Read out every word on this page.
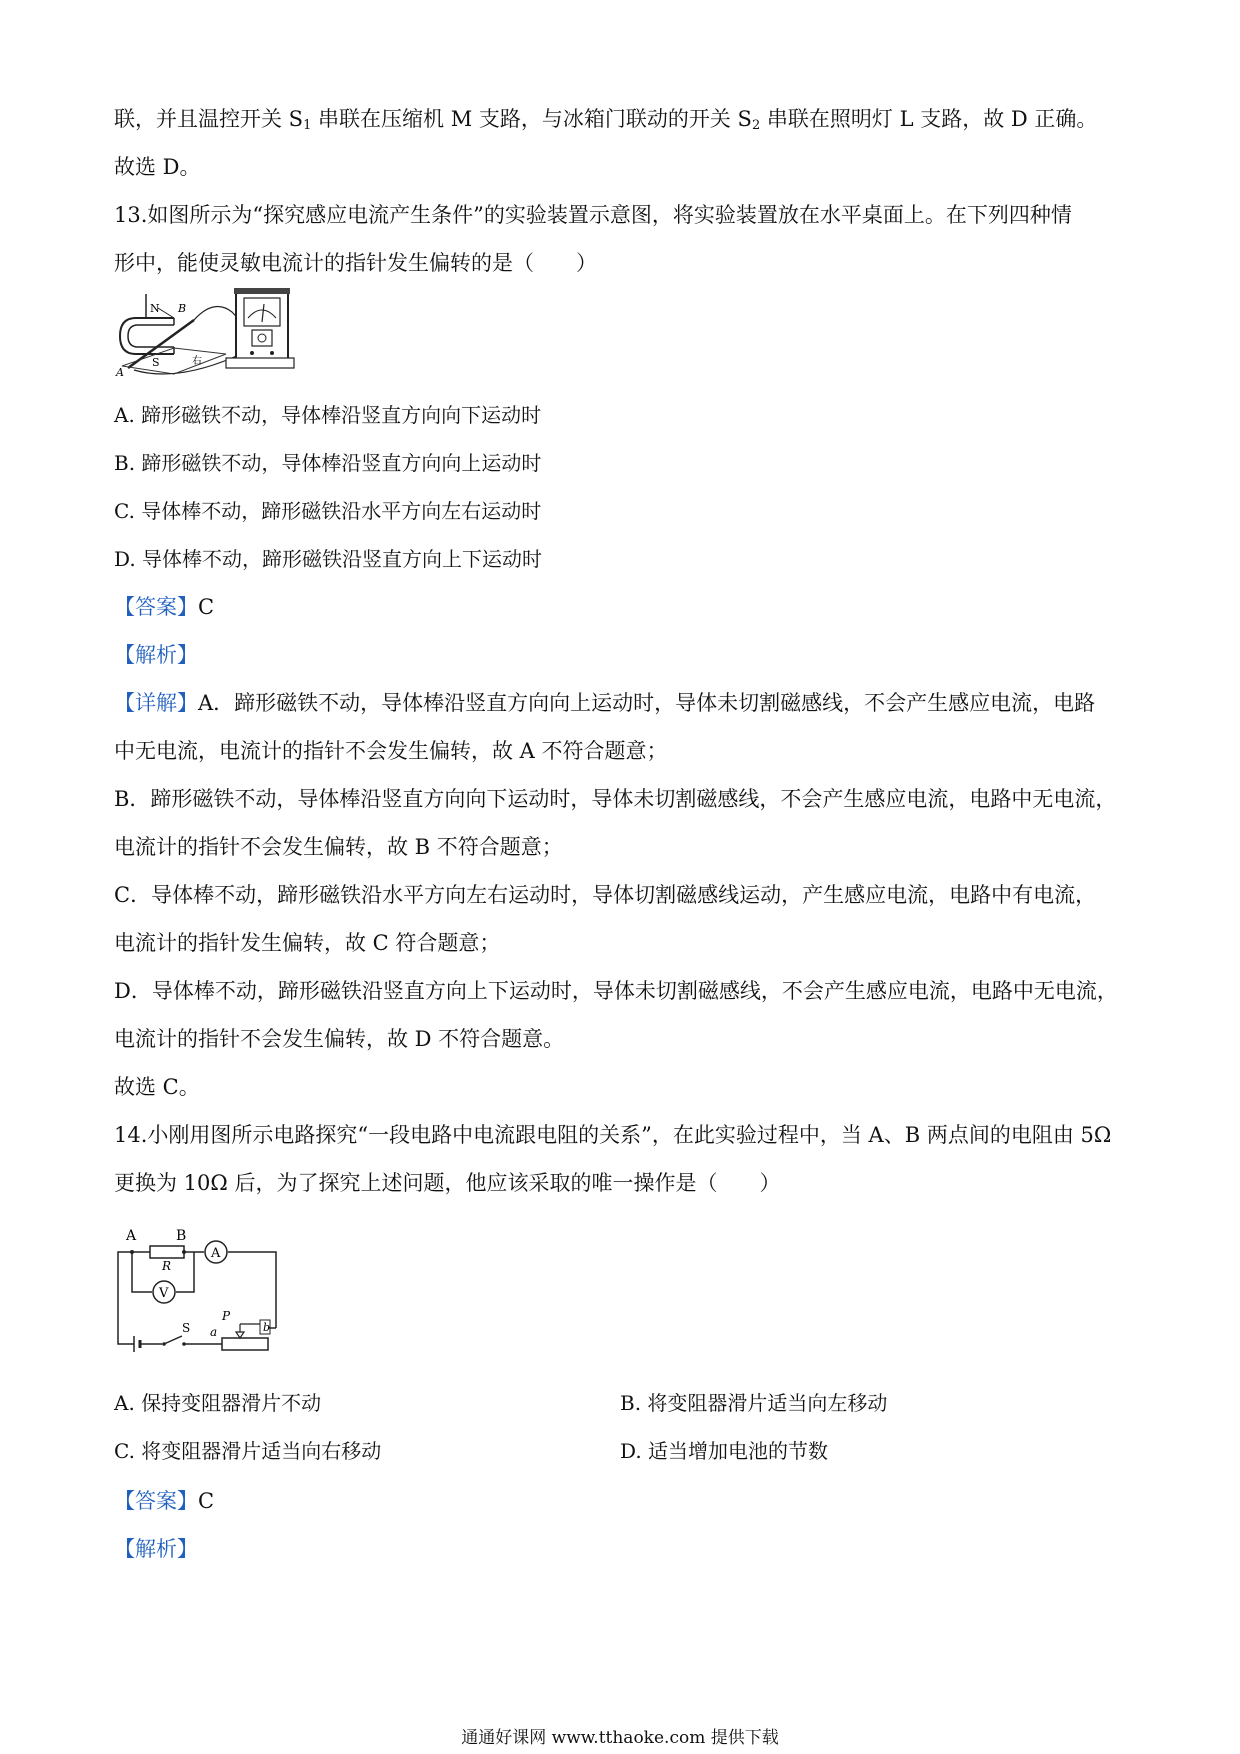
联，并且温控开关 $S_1$ 串联在压缩机 M 支路，与冰箱门联动的开关 $S_2$ 串联在照明灯 L 支路，故 D 正确。
故选 D。
13.如图所示为“探究感应电流产生条件”的实验装置示意图，将实验装置放在水平桌面上。在下列四种情
形中，能使灵敏电流计的指针发生偏转的是（　　）
N B
A
S	右
A. 蹄形磁铁不动，导体棒沿竖直方向向下运动时
B. 蹄形磁铁不动，导体棒沿竖直方向向上运动时
C. 导体棒不动，蹄形磁铁沿水平方向左右运动时
D. 导体棒不动，蹄形磁铁沿竖直方向上下运动时
【答案】C
【解析】
【详解】A．蹄形磁铁不动，导体棒沿竖直方向向上运动时，导体未切割磁感线，不会产生感应电流，电路
中无电流，电流计的指针不会发生偏转，故 A 不符合题意；
B．蹄形磁铁不动，导体棒沿竖直方向向下运动时，导体未切割磁感线，不会产生感应电流，电路中无电流，
电流计的指针不会发生偏转，故 B 不符合题意；
C．导体棒不动，蹄形磁铁沿水平方向左右运动时，导体切割磁感线运动，产生感应电流，电路中有电流，
电流计的指针发生偏转，故 C 符合题意；
D．导体棒不动，蹄形磁铁沿竖直方向上下运动时，导体未切割磁感线，不会产生感应电流，电路中无电流，
电流计的指针不会发生偏转，故 D 不符合题意。
故选 C。
14.小刚用图所示电路探究“一段电路中电流跟电阻的关系”，在此实验过程中，当 A、B 两点间的电阻由 5Ω
更换为 10Ω 后，为了探究上述问题，他应该采取的唯一操作是（　　）
A	B
R
A
V
S
P
a	b
A. 保持变阻器滑片不动	B. 将变阻器滑片适当向左移动
C. 将变阻器滑片适当向右移动	D. 适当增加电池的节数
【答案】C
【解析】
通通好课网 www.tthaoke.com 提供下载
